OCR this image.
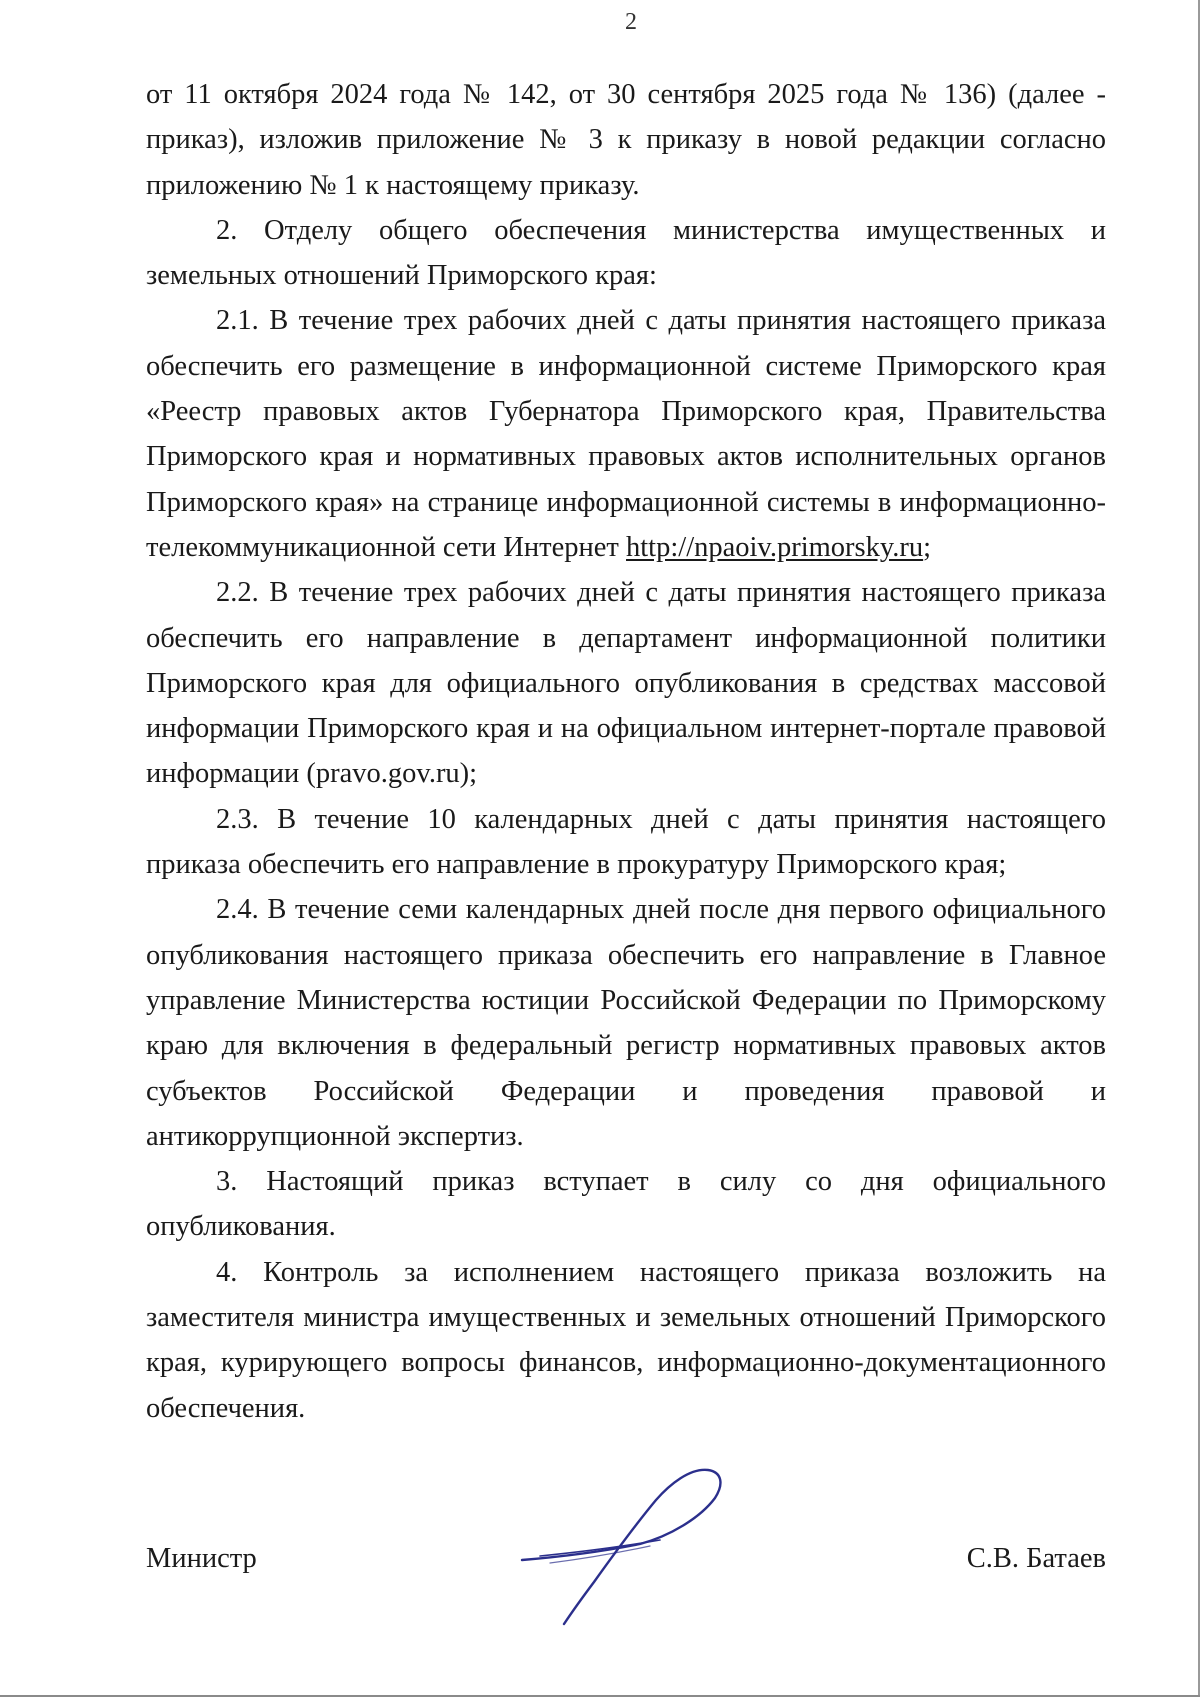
2

от 11 октября 2024 года № 142, от 30 сентября 2025 года № 136) (далее - приказ), изложив приложение № 3 к приказу в новой редакции согласно приложению № 1 к настоящему приказу.

2. Отделу общего обеспечения министерства имущественных и земельных отношений Приморского края:

2.1. В течение трех рабочих дней с даты принятия настоящего приказа обеспечить его размещение в информационной системе Приморского края «Реестр правовых актов Губернатора Приморского края, Правительства Приморского края и нормативных правовых актов исполнительных органов Приморского края» на странице информационной системы в информационно-телекоммуникационной сети Интернет http://npaoiv.primorsky.ru;

2.2. В течение трех рабочих дней с даты принятия настоящего приказа обеспечить его направление в департамент информационной политики Приморского края для официального опубликования в средствах массовой информации Приморского края и на официальном интернет-портале правовой информации (pravo.gov.ru);

2.3. В течение 10 календарных дней с даты принятия настоящего приказа обеспечить его направление в прокуратуру Приморского края;

2.4. В течение семи календарных дней после дня первого официального опубликования настоящего приказа обеспечить его направление в Главное управление Министерства юстиции Российской Федерации по Приморскому краю для включения в федеральный регистр нормативных правовых актов субъектов Российской Федерации и проведения правовой и антикоррупционной экспертиз.

3. Настоящий приказ вступает в силу со дня официального опубликования.

4. Контроль за исполнением настоящего приказа возложить на заместителя министра имущественных и земельных отношений Приморского края, курирующего вопросы финансов, информационно-документационного обеспечения.

Министр	С.В. Батаев
